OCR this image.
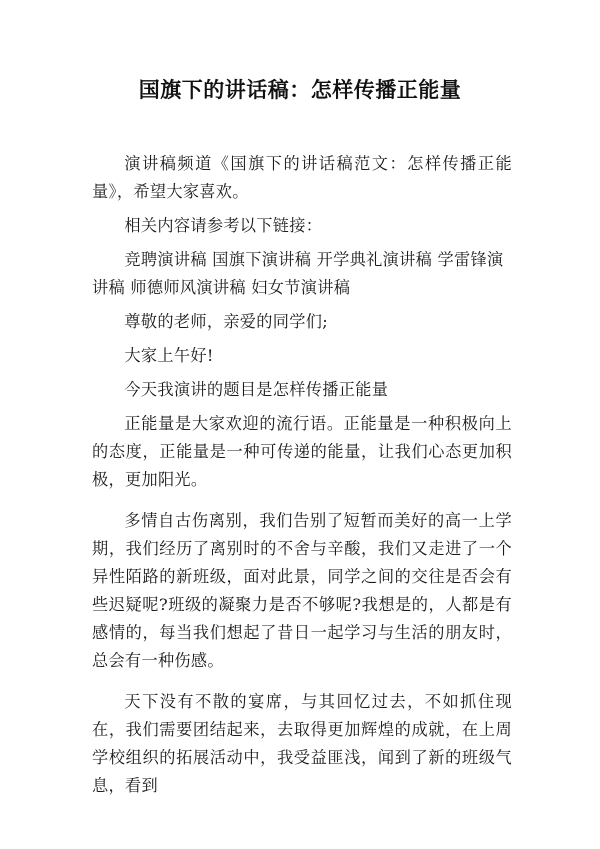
国旗下的讲话稿：怎样传播正能量

演讲稿频道《国旗下的讲话稿范文：怎样传播正能量》，希望大家喜欢。

相关内容请参考以下链接：

竞聘演讲稿 国旗下演讲稿 开学典礼演讲稿 学雷锋演讲稿 师德师风演讲稿 妇女节演讲稿

尊敬的老师，亲爱的同学们;

大家上午好!

今天我演讲的题目是怎样传播正能量

正能量是大家欢迎的流行语。正能量是一种积极向上的态度，正能量是一种可传递的能量，让我们心态更加积极，更加阳光。

多情自古伤离别，我们告别了短暂而美好的高一上学期，我们经历了离别时的不舍与辛酸，我们又走进了一个异性陌路的新班级，面对此景，同学之间的交往是否会有些迟疑呢?班级的凝聚力是否不够呢?我想是的，人都是有感情的，每当我们想起了昔日一起学习与生活的朋友时，总会有一种伤感。

天下没有不散的宴席，与其回忆过去，不如抓住现在，我们需要团结起来，去取得更加辉煌的成就，在上周学校组织的拓展活动中，我受益匪浅，闻到了新的班级气息，看到
